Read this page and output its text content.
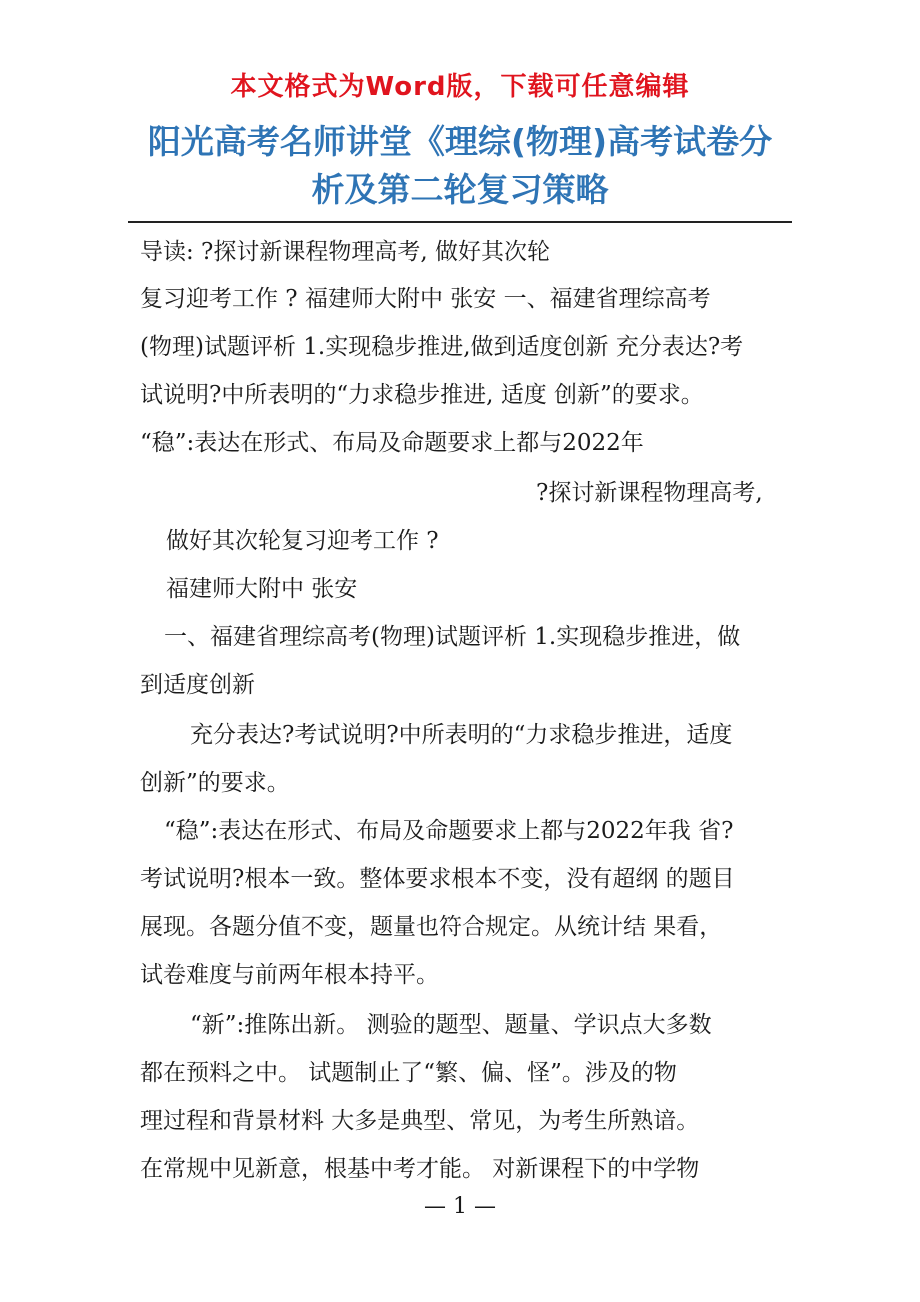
本文格式为Word版，下载可任意编辑
阳光高考名师讲堂《理综(物理)高考试卷分
析及第二轮复习策略
导读: ?探讨新课程物理高考, 做好其次轮
复习迎考工作 ? 福建师大附中 张安 一、福建省理综高考
(物理)试题评析 1.实现稳步推进,做到适度创新 充分表达?考
试说明?中所表明的“力求稳步推进, 适度 创新”的要求。
“稳”:表达在形式、布局及命题要求上都与2022年
?探讨新课程物理高考,
做好其次轮复习迎考工作 ?
福建师大附中 张安
一、福建省理综高考(物理)试题评析 1.实现稳步推进，做
到适度创新
充分表达?考试说明?中所表明的“力求稳步推进，适度
创新”的要求。
“稳”:表达在形式、布局及命题要求上都与2022年我 省?
考试说明?根本一致。整体要求根本不变，没有超纲 的题目
展现。各题分值不变，题量也符合规定。从统计结 果看，
试卷难度与前两年根本持平。
“新”:推陈出新。 测验的题型、题量、学识点大多数
都在预料之中。 试题制止了“繁、偏、怪”。涉及的物
理过程和背景材料 大多是典型、常见，为考生所熟谙。
在常规中见新意，根基中考才能。 对新课程下的中学物
— 1 —
